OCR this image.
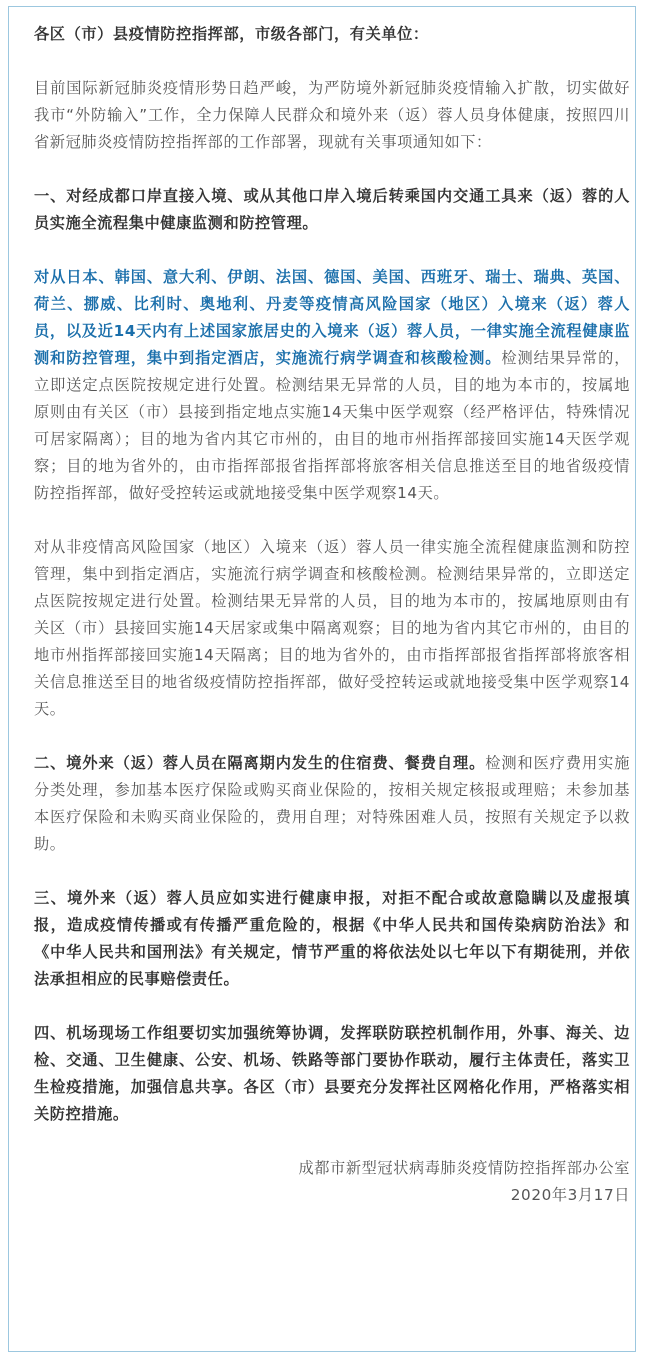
各区（市）县疫情防控指挥部，市级各部门，有关单位：

目前国际新冠肺炎疫情形势日趋严峻，为严防境外新冠肺炎疫情输入扩散，切实做好我市“外防输入”工作，全力保障人民群众和境外来（返）蓉人员身体健康，按照四川省新冠肺炎疫情防控指挥部的工作部署，现就有关事项通知如下：

一、对经成都口岸直接入境、或从其他口岸入境后转乘国内交通工具来（返）蓉的人员实施全流程集中健康监测和防控管理。

对从日本、韩国、意大利、伊朗、法国、德国、美国、西班牙、瑞士、瑞典、英国、荷兰、挪威、比利时、奥地利、丹麦等疫情高风险国家（地区）入境来（返）蓉人员，以及近14天内有上述国家旅居史的入境来（返）蓉人员，一律实施全流程健康监测和防控管理，集中到指定酒店，实施流行病学调查和核酸检测。检测结果异常的，立即送定点医院按规定进行处置。检测结果无异常的人员，目的地为本市的，按属地原则由有关区（市）县接到指定地点实施14天集中医学观察（经严格评估，特殊情况可居家隔离）；目的地为省内其它市州的，由目的地市州指挥部接回实施14天医学观察；目的地为省外的，由市指挥部报省指挥部将旅客相关信息推送至目的地省级疫情防控指挥部，做好受控转运或就地接受集中医学观察14天。

对从非疫情高风险国家（地区）入境来（返）蓉人员一律实施全流程健康监测和防控管理，集中到指定酒店，实施流行病学调查和核酸检测。检测结果异常的，立即送定点医院按规定进行处置。检测结果无异常的人员，目的地为本市的，按属地原则由有关区（市）县接回实施14天居家或集中隔离观察；目的地为省内其它市州的，由目的地市州指挥部接回实施14天隔离；目的地为省外的，由市指挥部报省指挥部将旅客相关信息推送至目的地省级疫情防控指挥部，做好受控转运或就地接受集中医学观察14天。

二、境外来（返）蓉人员在隔离期内发生的住宿费、餐费自理。检测和医疗费用实施分类处理，参加基本医疗保险或购买商业保险的，按相关规定核报或理赔；未参加基本医疗保险和未购买商业保险的，费用自理；对特殊困难人员，按照有关规定予以救助。

三、境外来（返）蓉人员应如实进行健康申报，对拒不配合或故意隐瞒以及虚报填报，造成疫情传播或有传播严重危险的，根据《中华人民共和国传染病防治法》和《中华人民共和国刑法》有关规定，情节严重的将依法处以七年以下有期徒刑，并依法承担相应的民事赔偿责任。

四、机场现场工作组要切实加强统筹协调，发挥联防联控机制作用，外事、海关、边检、交通、卫生健康、公安、机场、铁路等部门要协作联动，履行主体责任，落实卫生检疫措施，加强信息共享。各区（市）县要充分发挥社区网格化作用，严格落实相关防控措施。

成都市新型冠状病毒肺炎疫情防控指挥部办公室

2020年3月17日
